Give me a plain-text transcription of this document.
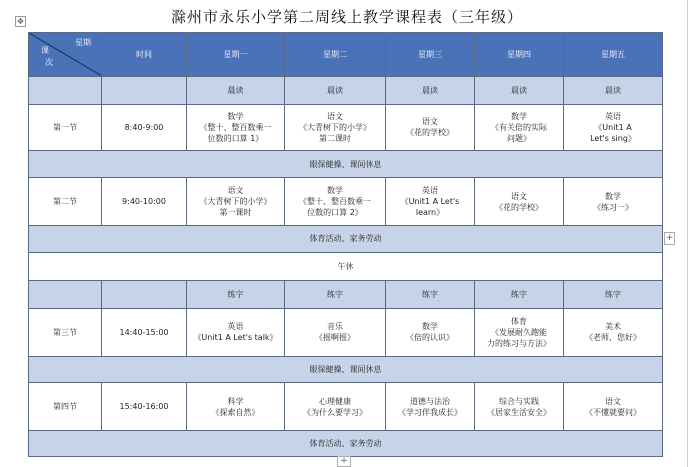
滁州市永乐小学第二周线上教学课程表（三年级）
✥
星期
课
次	时间	星期一	星期二	星期三	星期四	星期五
		晨读	晨读	晨读	晨读	晨读
第一节	8:40-9:00	数学
《整十、整百数乘一
位数的口算 1》	语文
《大青树下的小学》
第二课时	语文
《花的学校》	数学
《有关倍的实际
问题》	英语
《Unit1 A
Let's sing》

眼保健操、课间休息						
第二节	9:40-10:00	语文
《大青树下的小学》
第一课时	数学
《整十、整百数乘一
位数的口算 2》	英语
《Unit1 A Let's
learn》	语文
《花的学校》	数学
《练习一》

体育活动、家务劳动						
午休						
		练字	练字	练字	练字	练字
第三节	14:40-15:00	英语
《Unit1 A Let's talk》	音乐
《摇啊摇》	数学
《倍的认识》	体育
《发展耐久跑能
力的练习与方法》	美术
《老师，您好》

眼保健操、课间休息						
第四节	15:40-16:00	科学
《探索自然》	心理健康
《为什么要学习》	道德与法治
《学习伴我成长》	综合与实践
《居家生活安全》	语文
《不懂就要问》

体育活动、家务劳动						
+
+
